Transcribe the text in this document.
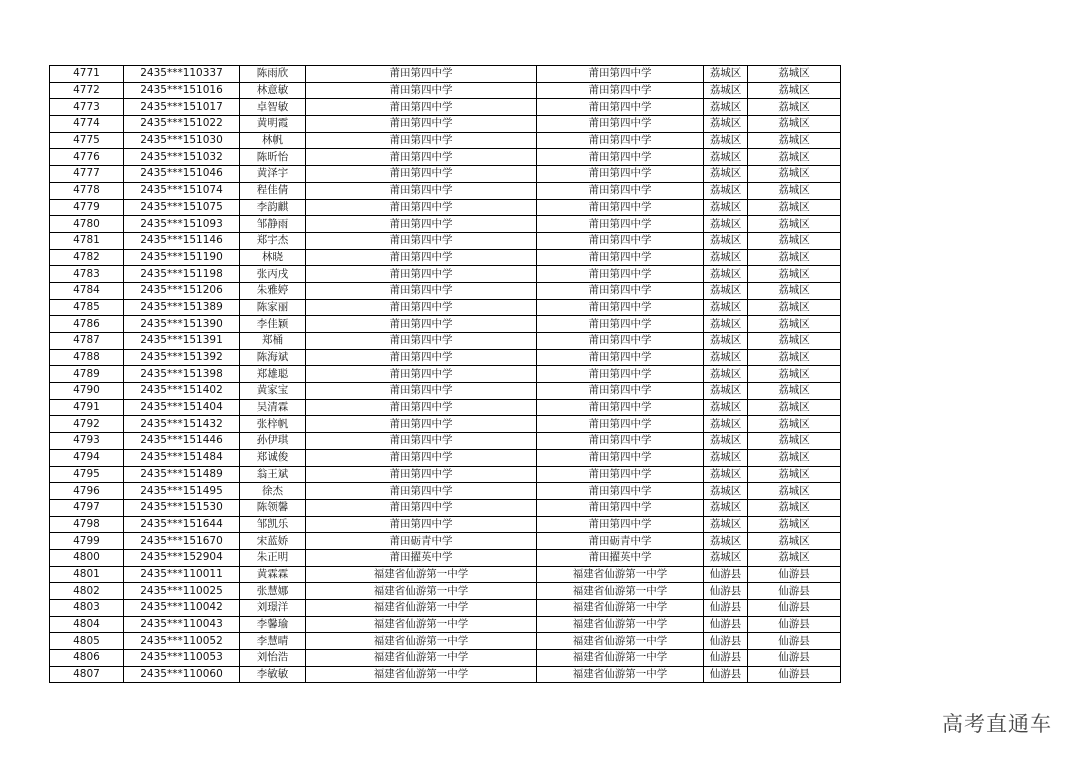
4771	2435***110337	陈雨欣	莆田第四中学	莆田第四中学	荔城区	荔城区
4772	2435***151016	林意敏	莆田第四中学	莆田第四中学	荔城区	荔城区
4773	2435***151017	卓智敏	莆田第四中学	莆田第四中学	荔城区	荔城区
4774	2435***151022	黄明霞	莆田第四中学	莆田第四中学	荔城区	荔城区
4775	2435***151030	林帆	莆田第四中学	莆田第四中学	荔城区	荔城区
4776	2435***151032	陈昕怡	莆田第四中学	莆田第四中学	荔城区	荔城区
4777	2435***151046	黄泽宇	莆田第四中学	莆田第四中学	荔城区	荔城区
4778	2435***151074	程佳倩	莆田第四中学	莆田第四中学	荔城区	荔城区
4779	2435***151075	李韵麒	莆田第四中学	莆田第四中学	荔城区	荔城区
4780	2435***151093	邹静雨	莆田第四中学	莆田第四中学	荔城区	荔城区
4781	2435***151146	郑宇杰	莆田第四中学	莆田第四中学	荔城区	荔城区
4782	2435***151190	林晓	莆田第四中学	莆田第四中学	荔城区	荔城区
4783	2435***151198	张丙戌	莆田第四中学	莆田第四中学	荔城区	荔城区
4784	2435***151206	朱雅婷	莆田第四中学	莆田第四中学	荔城区	荔城区
4785	2435***151389	陈家丽	莆田第四中学	莆田第四中学	荔城区	荔城区
4786	2435***151390	李佳颖	莆田第四中学	莆田第四中学	荔城区	荔城区
4787	2435***151391	郑桶	莆田第四中学	莆田第四中学	荔城区	荔城区
4788	2435***151392	陈海斌	莆田第四中学	莆田第四中学	荔城区	荔城区
4789	2435***151398	郑雄聪	莆田第四中学	莆田第四中学	荔城区	荔城区
4790	2435***151402	黄家宝	莆田第四中学	莆田第四中学	荔城区	荔城区
4791	2435***151404	吴清霖	莆田第四中学	莆田第四中学	荔城区	荔城区
4792	2435***151432	张梓帆	莆田第四中学	莆田第四中学	荔城区	荔城区
4793	2435***151446	孙伊琪	莆田第四中学	莆田第四中学	荔城区	荔城区
4794	2435***151484	郑诚俊	莆田第四中学	莆田第四中学	荔城区	荔城区
4795	2435***151489	翁王斌	莆田第四中学	莆田第四中学	荔城区	荔城区
4796	2435***151495	徐杰	莆田第四中学	莆田第四中学	荔城区	荔城区
4797	2435***151530	陈领馨	莆田第四中学	莆田第四中学	荔城区	荔城区
4798	2435***151644	邹凯乐	莆田第四中学	莆田第四中学	荔城区	荔城区
4799	2435***151670	宋蓝娇	莆田砺青中学	莆田砺青中学	荔城区	荔城区
4800	2435***152904	朱正明	莆田擢英中学	莆田擢英中学	荔城区	荔城区
4801	2435***110011	黄霖霖	福建省仙游第一中学	福建省仙游第一中学	仙游县	仙游县
4802	2435***110025	张慧娜	福建省仙游第一中学	福建省仙游第一中学	仙游县	仙游县
4803	2435***110042	刘璟洋	福建省仙游第一中学	福建省仙游第一中学	仙游县	仙游县
4804	2435***110043	李馨瑜	福建省仙游第一中学	福建省仙游第一中学	仙游县	仙游县
4805	2435***110052	李慧晴	福建省仙游第一中学	福建省仙游第一中学	仙游县	仙游县
4806	2435***110053	刘怡浩	福建省仙游第一中学	福建省仙游第一中学	仙游县	仙游县
4807	2435***110060	李敏敏	福建省仙游第一中学	福建省仙游第一中学	仙游县	仙游县
高考直通车
